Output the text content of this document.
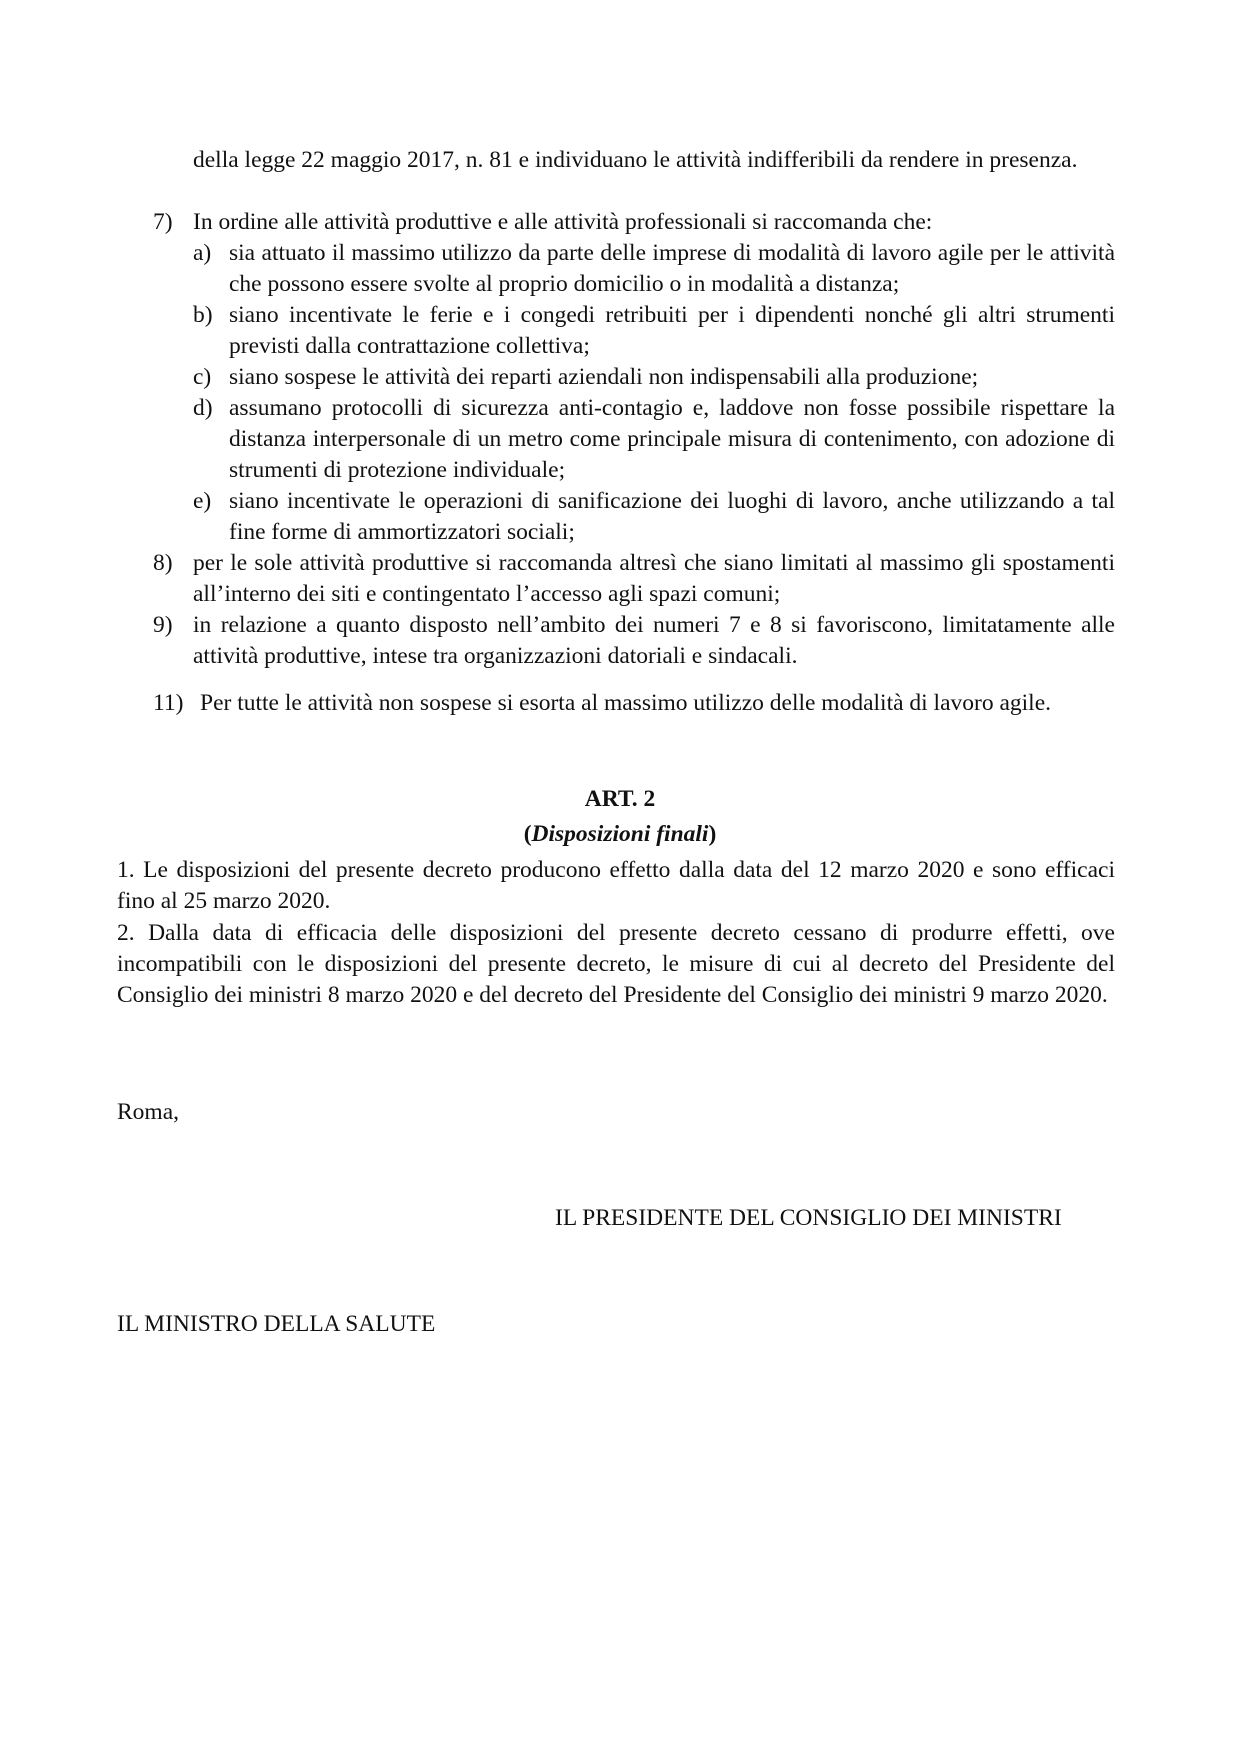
della legge 22 maggio 2017, n. 81 e individuano le attività indifferibili da rendere in presenza.
7) In ordine alle attività produttive e alle attività professionali si raccomanda che:
a) sia attuato il massimo utilizzo da parte delle imprese di modalità di lavoro agile per le attività che possono essere svolte al proprio domicilio o in modalità a distanza;
b) siano incentivate le ferie e i congedi retribuiti per i dipendenti nonché gli altri strumenti previsti dalla contrattazione collettiva;
c) siano sospese le attività dei reparti aziendali non indispensabili alla produzione;
d) assumano protocolli di sicurezza anti-contagio e, laddove non fosse possibile rispettare la distanza interpersonale di un metro come principale misura di contenimento, con adozione di strumenti di protezione individuale;
e) siano incentivate le operazioni di sanificazione dei luoghi di lavoro, anche utilizzando a tal fine forme di ammortizzatori sociali;
8) per le sole attività produttive si raccomanda altresì che siano limitati al massimo gli spostamenti all’interno dei siti e contingentato l’accesso agli spazi comuni;
9) in relazione a quanto disposto nell’ambito dei numeri 7 e 8 si favoriscono, limitatamente alle attività produttive, intese tra organizzazioni datoriali e sindacali.
11) Per tutte le attività non sospese si esorta al massimo utilizzo delle modalità di lavoro agile.
ART. 2
(Disposizioni finali)
1. Le disposizioni del presente decreto producono effetto dalla data del 12 marzo 2020 e sono efficaci fino al 25 marzo 2020.
2. Dalla data di efficacia delle disposizioni del presente decreto cessano di produrre effetti, ove incompatibili con le disposizioni del presente decreto, le misure di cui al decreto del Presidente del Consiglio dei ministri 8 marzo 2020 e del decreto del Presidente del Consiglio dei ministri 9 marzo 2020.
Roma,
IL PRESIDENTE DEL CONSIGLIO DEI MINISTRI
IL MINISTRO DELLA SALUTE
